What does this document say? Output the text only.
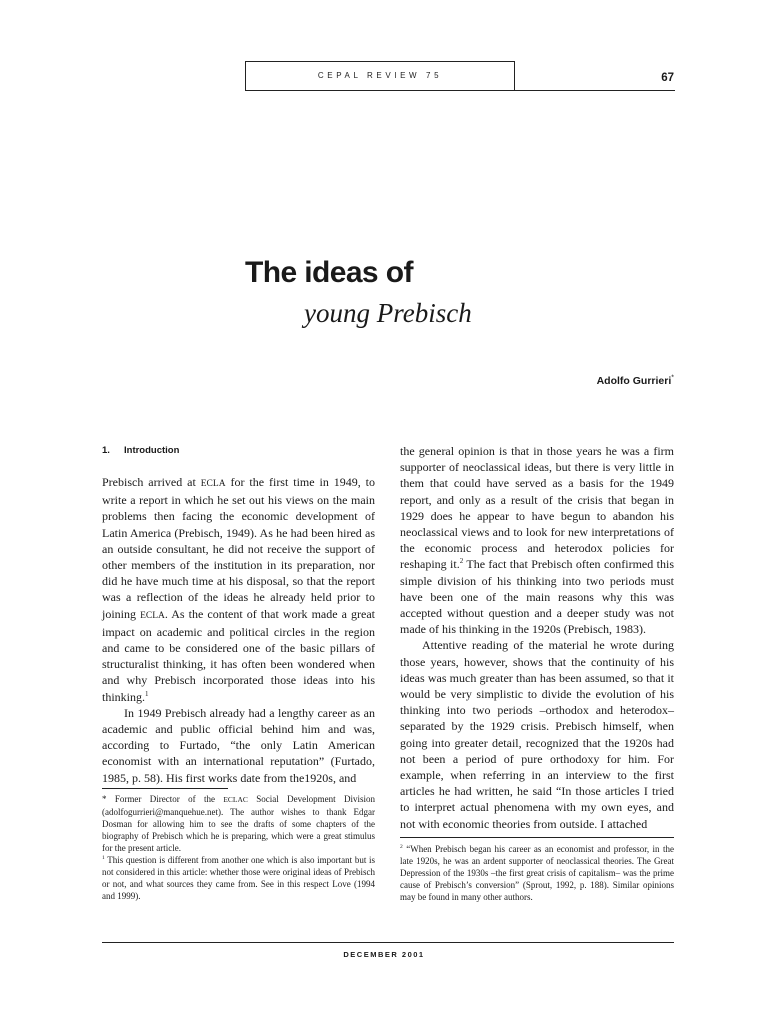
CEPAL REVIEW 75	67
The ideas of
young Prebisch
Adolfo Gurrieri*
1. Introduction

Prebisch arrived at ECLA for the first time in 1949, to write a report in which he set out his views on the main problems then facing the economic development of Latin America (Prebisch, 1949). As he had been hired as an outside consultant, he did not receive the support of other members of the institution in its preparation, nor did he have much time at his disposal, so that the report was a reflection of the ideas he already held prior to joining ECLA. As the content of that work made a great impact on academic and political circles in the region and came to be considered one of the basic pillars of structuralist thinking, it has often been wondered when and why Prebisch incorporated those ideas into his thinking.$^1$

In 1949 Prebisch already had a lengthy career as an academic and public official behind him and was, according to Furtado, “the only Latin American economist with an international reputation” (Furtado, 1985, p. 58). His first works date from the1920s, and

the general opinion is that in those years he was a firm supporter of neoclassical ideas, but there is very little in them that could have served as a basis for the 1949 report, and only as a result of the crisis that began in 1929 does he appear to have begun to abandon his neoclassical views and to look for new interpretations of the economic process and heterodox policies for reshaping it.$^2$ The fact that Prebisch often confirmed this simple division of his thinking into two periods must have been one of the main reasons why this was accepted without question and a deeper study was not made of his thinking in the 1920s (Prebisch, 1983).

Attentive reading of the material he wrote during those years, however, shows that the continuity of his ideas was much greater than has been assumed, so that it would be very simplistic to divide the evolution of his thinking into two periods –orthodox and heterodox– separated by the 1929 crisis. Prebisch himself, when going into greater detail, recognized that the 1920s had not been a period of pure orthodoxy for him. For example, when referring in an interview to the first articles he had written, he said “In those articles I tried to interpret actual phenomena with my own eyes, and not with economic theories from outside. I attached

* Former Director of the ECLAC Social Development Division (adolfogurrieri@manquehue.net). The author wishes to thank Edgar Dosman for allowing him to see the drafts of some chapters of the biography of Prebisch which he is preparing, which were a great stimulus for the present article.

$^1$ This question is different from another one which is also important but is not considered in this article: whether those were original ideas of Prebisch or not, and what sources they came from. See in this respect Love (1994 and 1999).

$^2$ “When Prebisch began his career as an economist and professor, in the late 1920s, he was an ardent supporter of neoclassical theories. The Great Depression of the 1930s –the first great crisis of capitalism– was the prime cause of Prebisch’s conversion” (Sprout, 1992, p. 188). Similar opinions may be found in many other authors.

DECEMBER 2001
